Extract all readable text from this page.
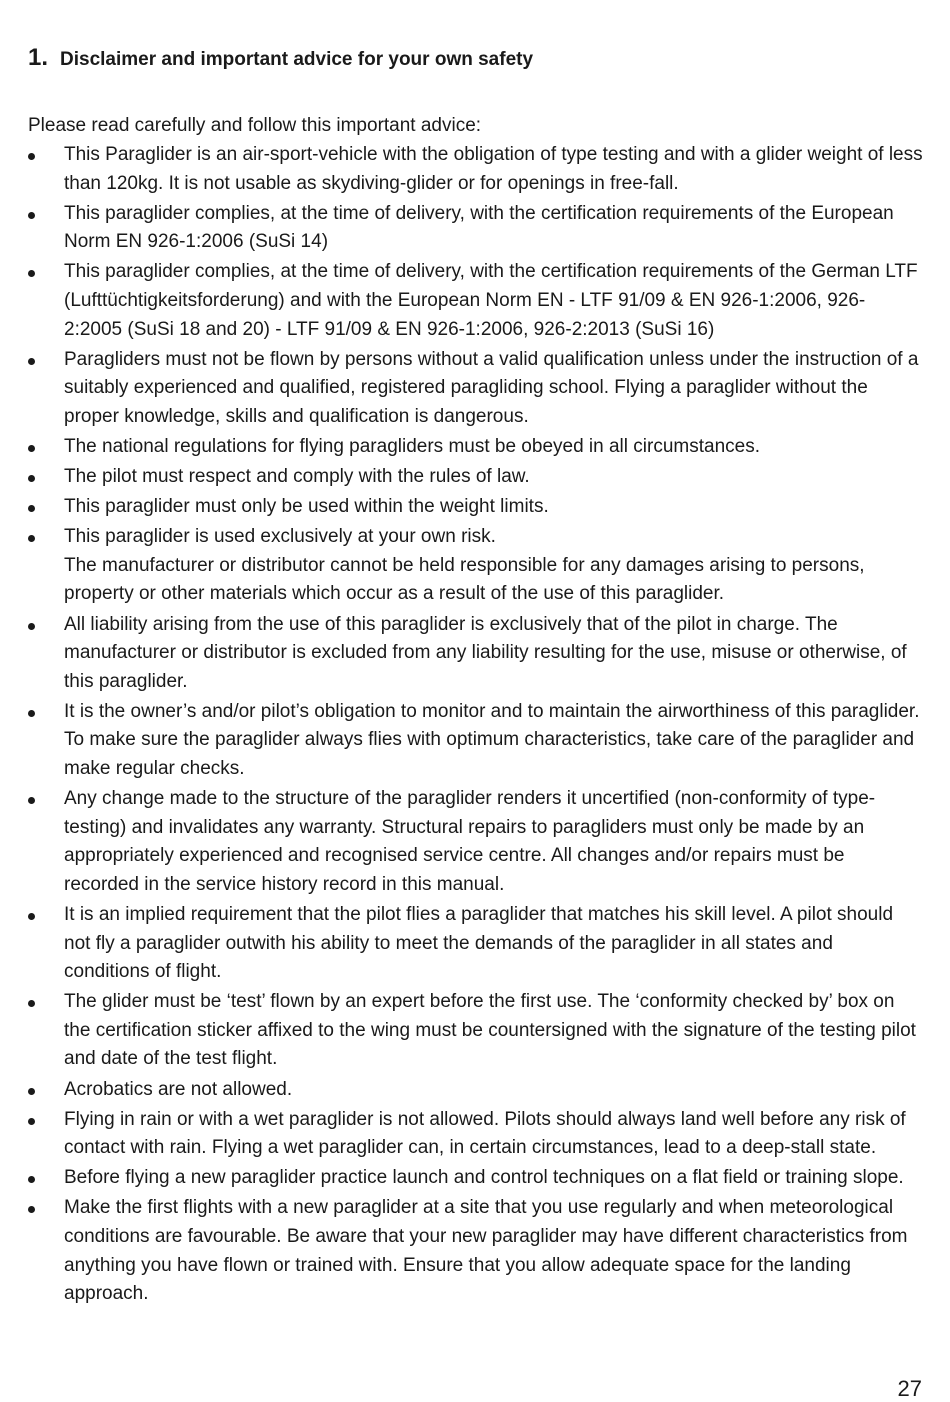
1. Disclaimer and important advice for your own safety
Please read carefully and follow this important advice:
This Paraglider is an air-sport-vehicle with the obligation of type testing and with a glider weight of less than 120kg. It is not usable as skydiving-glider or for openings in free-fall.
This paraglider complies, at the time of delivery, with the certification requirements of the European Norm EN 926-1:2006 (SuSi 14)
This paraglider complies, at the time of delivery, with the certification requirements of the German LTF (Lufttüchtigkeitsforderung) and with the European Norm EN - LTF 91/09 & EN 926-1:2006, 926-2:2005 (SuSi 18 and 20) - LTF 91/09 & EN 926-1:2006, 926-2:2013 (SuSi 16)
Paragliders must not be flown by persons without a valid qualification unless under the instruction of a suitably experienced and qualified, registered paragliding school. Flying a paraglider without the proper knowledge, skills and qualification is dangerous.
The national regulations for flying paragliders must be obeyed in all circumstances.
The pilot must respect and comply with the rules of law.
This paraglider must only be used within the weight limits.
This paraglider is used exclusively at your own risk.
The manufacturer or distributor cannot be held responsible for any damages arising to persons, property or other materials which occur as a result of the use of this paraglider.
All liability arising from the use of this paraglider is exclusively that of the pilot in charge. The manufacturer or distributor is excluded from any liability resulting for the use, misuse or otherwise, of this paraglider.
It is the owner’s and/or pilot’s obligation to monitor and to maintain the airworthiness of this paraglider. To make sure the paraglider always flies with optimum characteristics, take care of the paraglider and make regular checks.
Any change made to the structure of the paraglider renders it uncertified (non-conformity of type-testing) and invalidates any warranty. Structural repairs to paragliders must only be made by an appropriately experienced and recognised service centre. All changes and/or repairs must be recorded in the service history record in this manual.
It is an implied requirement that the pilot flies a paraglider that matches his skill level. A pilot should not fly a paraglider outwith his ability to meet the demands of the paraglider in all states and conditions of flight.
The glider must be ‘test’ flown by an expert before the first use. The ‘conformity checked by’ box on the certification sticker affixed to the wing must be countersigned with the signature of the testing pilot and date of the test flight.
Acrobatics are not allowed.
Flying in rain or with a wet paraglider is not allowed. Pilots should always land well before any risk of contact with rain. Flying a wet paraglider can, in certain circumstances, lead to a deep-stall state.
Before flying a new paraglider practice launch and control techniques on a flat field or training slope.
Make the first flights with a new paraglider at a site that you use regularly and when meteorological conditions are favourable. Be aware that your new paraglider may have different characteristics from anything you have flown or trained with. Ensure that you allow adequate space for the landing approach.
27
